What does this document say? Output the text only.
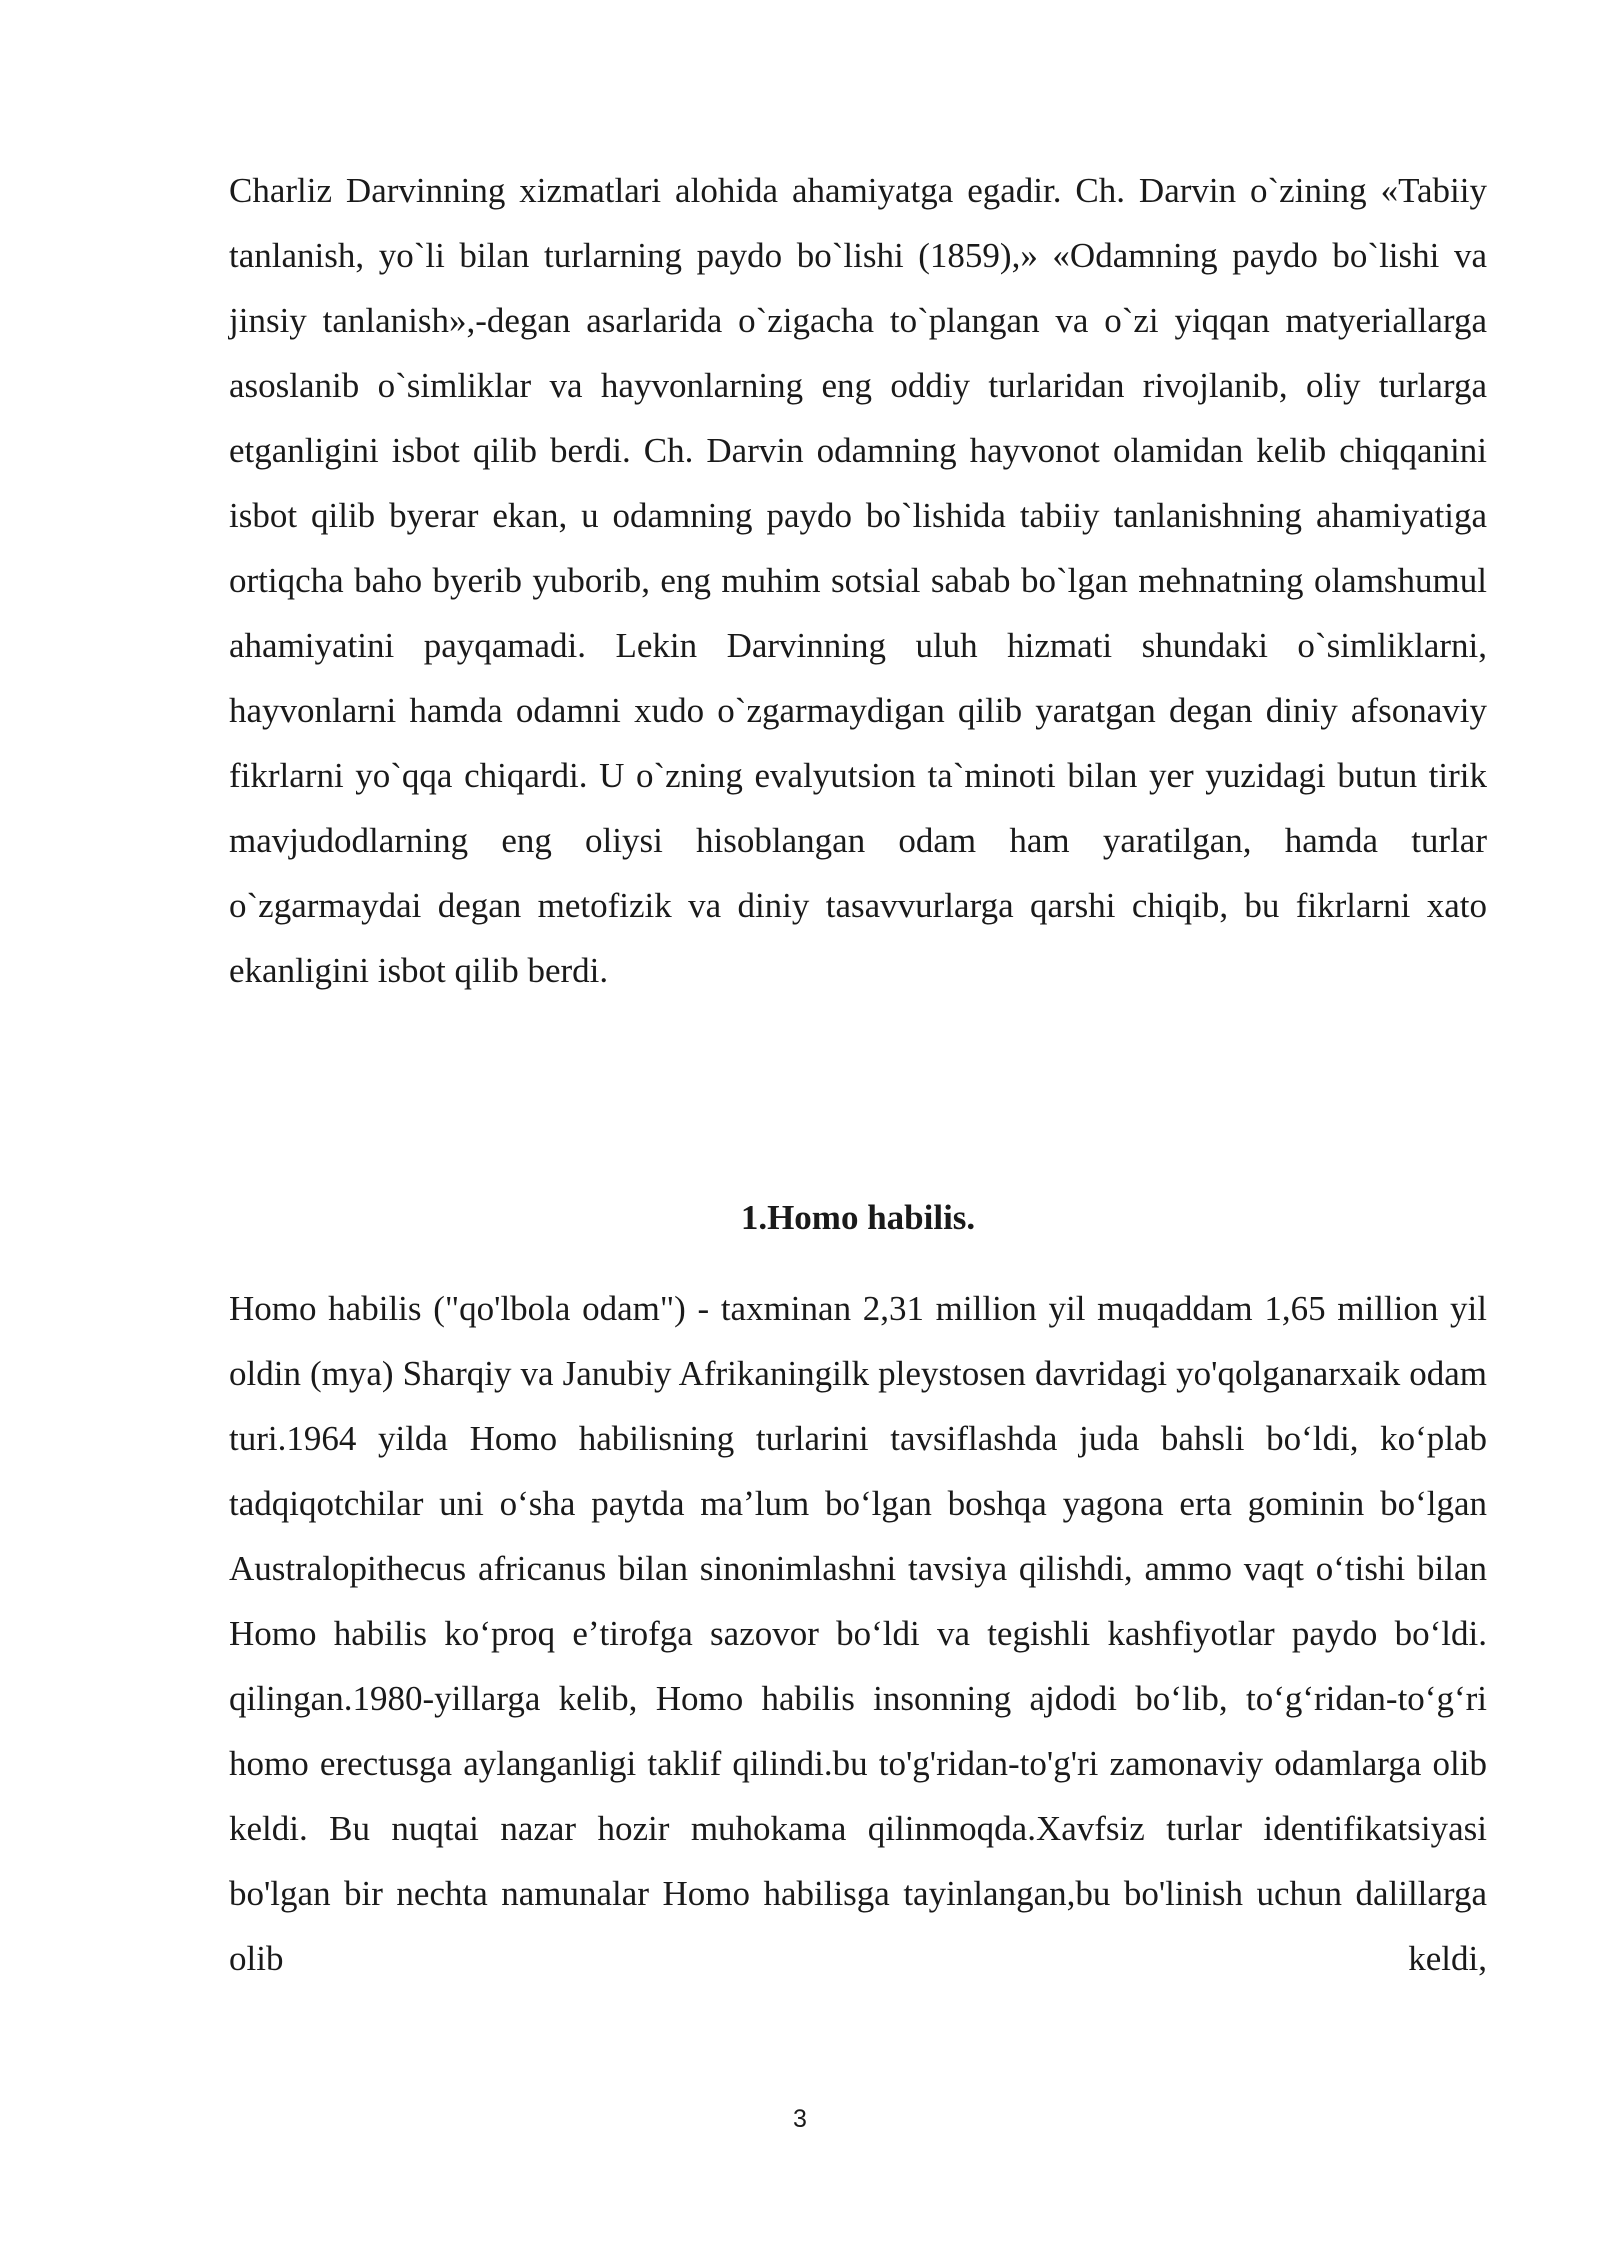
Charliz Darvinning xizmatlari alohida ahamiyatga egadir. Ch. Darvin o`zining «Tabiiy tanlanish, yo`li bilan turlarning paydo bo`lishi (1859),» «Odamning paydo bo`lishi va jinsiy tanlanish»,-degan asarlarida o`zigacha to`plangan va o`zi yiqqan matyeriallarga asoslanib o`simliklar va hayvonlarning eng oddiy turlaridan rivojlanib, oliy turlarga etganligini isbot qilib berdi. Ch. Darvin odamning hayvonot olamidan kelib chiqqanini isbot qilib byerar ekan, u odamning paydo bo`lishida tabiiy tanlanishning ahamiyatiga ortiqcha baho byerib yuborib, eng muhim sotsial sabab bo`lgan mehnatning olamshumul ahamiyatini payqamadi. Lekin Darvinning uluh hizmati shundaki o`simliklarni, hayvonlarni hamda odamni xudo o`zgarmaydigan qilib yaratgan degan diniy afsonaviy fikrlarni yo`qqa chiqardi. U o`zning evalyutsion ta`minoti bilan yer yuzidagi butun tirik mavjudodlarning eng oliysi hisoblangan odam ham yaratilgan, hamda turlar o`zgarmaydai degan metofizik va diniy tasavvurlarga qarshi chiqib, bu fikrlarni xato ekanligini isbot qilib berdi.

1.Homo habilis.

Homo habilis ("qo'lbola odam") - taxminan 2,31 million yil muqaddam 1,65 million yil oldin (mya) Sharqiy va Janubiy Afrikaningilk pleystosen davridagi yo'qolganarxaik odam turi.1964 yilda Homo habilisning turlarini tavsiflashda juda bahsli boʻldi, koʻplab tadqiqotchilar uni oʻsha paytda maʼlum boʻlgan boshqa yagona erta gominin boʻlgan Australopithecus africanus bilan sinonimlashni tavsiya qilishdi, ammo vaqt oʻtishi bilan Homo habilis koʻproq eʼtirofga sazovor boʻldi va tegishli kashfiyotlar paydo boʻldi. qilingan.1980-yillarga kelib, Homo habilis insonning ajdodi boʻlib, toʻgʻridan-toʻgʻri homo erectusga aylanganligi taklif qilindi.bu to'g'ridan-to'g'ri zamonaviy odamlarga olib keldi. Bu nuqtai nazar hozir muhokama qilinmoqda.Xavfsiz turlar identifikatsiyasi bo'lgan bir nechta namunalar Homo habilisga tayinlangan,bu bo'linish uchun dalillarga olib keldi,

3
